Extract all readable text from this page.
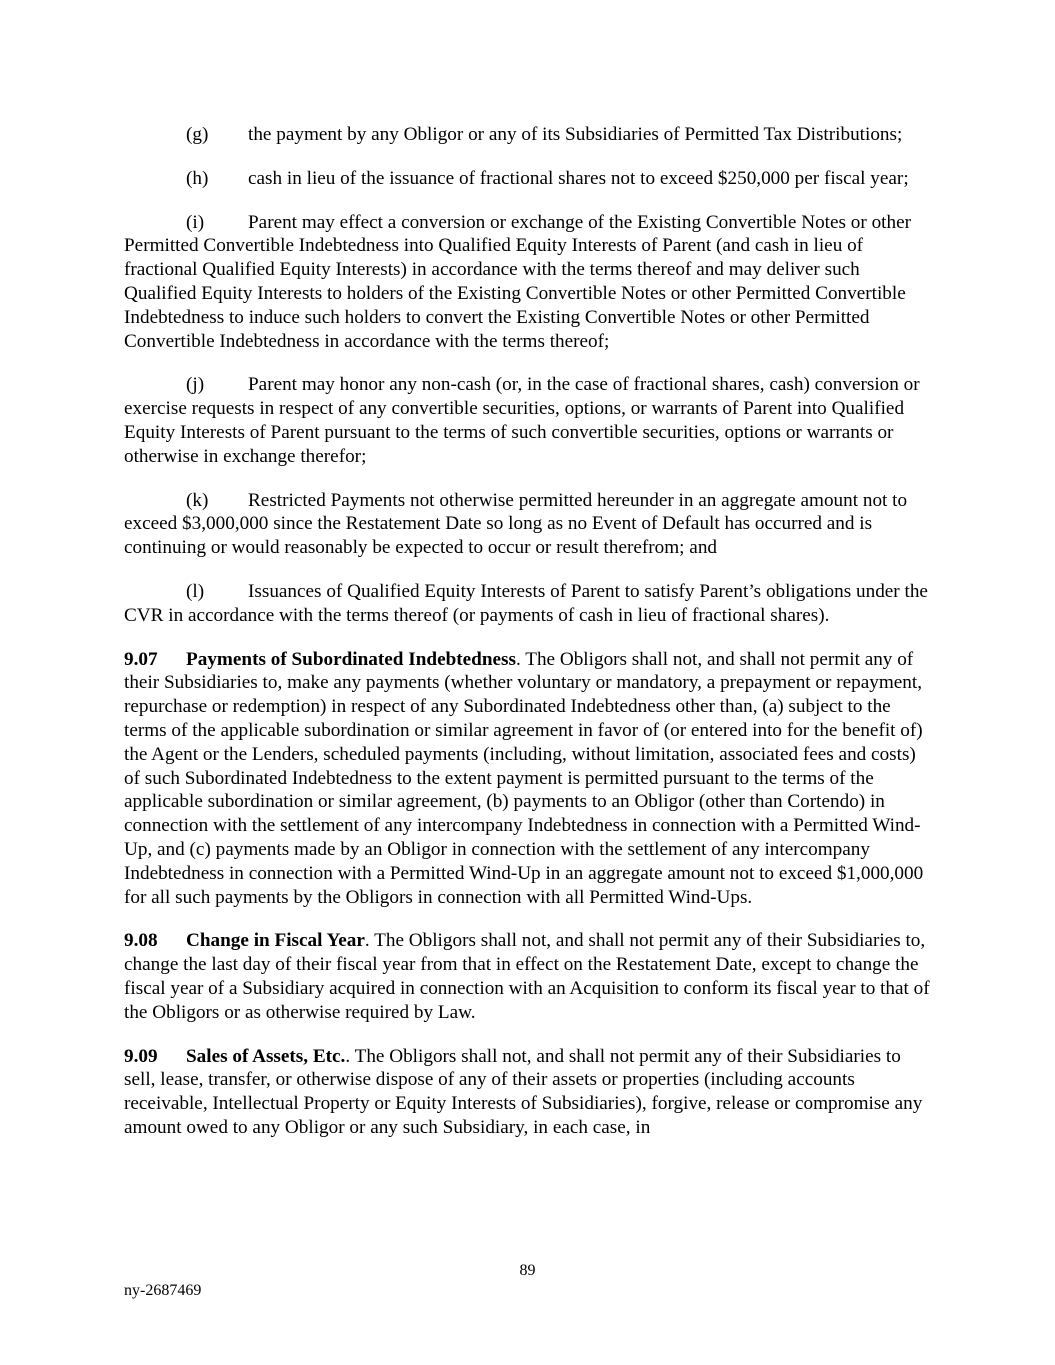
(g) the payment by any Obligor or any of its Subsidiaries of Permitted Tax Distributions;

(h) cash in lieu of the issuance of fractional shares not to exceed $250,000 per fiscal year;

(i) Parent may effect a conversion or exchange of the Existing Convertible Notes or other Permitted Convertible Indebtedness into Qualified Equity Interests of Parent (and cash in lieu of fractional Qualified Equity Interests) in accordance with the terms thereof and may deliver such Qualified Equity Interests to holders of the Existing Convertible Notes or other Permitted Convertible Indebtedness to induce such holders to convert the Existing Convertible Notes or other Permitted Convertible Indebtedness in accordance with the terms thereof;

(j) Parent may honor any non-cash (or, in the case of fractional shares, cash) conversion or exercise requests in respect of any convertible securities, options, or warrants of Parent into Qualified Equity Interests of Parent pursuant to the terms of such convertible securities, options or warrants or otherwise in exchange therefor;

(k) Restricted Payments not otherwise permitted hereunder in an aggregate amount not to exceed $3,000,000 since the Restatement Date so long as no Event of Default has occurred and is continuing or would reasonably be expected to occur or result therefrom; and

(l) Issuances of Qualified Equity Interests of Parent to satisfy Parent’s obligations under the CVR in accordance with the terms thereof (or payments of cash in lieu of fractional shares).

9.07 Payments of Subordinated Indebtedness. The Obligors shall not, and shall not permit any of their Subsidiaries to, make any payments (whether voluntary or mandatory, a prepayment or repayment, repurchase or redemption) in respect of any Subordinated Indebtedness other than, (a) subject to the terms of the applicable subordination or similar agreement in favor of (or entered into for the benefit of) the Agent or the Lenders, scheduled payments (including, without limitation, associated fees and costs) of such Subordinated Indebtedness to the extent payment is permitted pursuant to the terms of the applicable subordination or similar agreement, (b) payments to an Obligor (other than Cortendo) in connection with the settlement of any intercompany Indebtedness in connection with a Permitted Wind-Up, and (c) payments made by an Obligor in connection with the settlement of any intercompany Indebtedness in connection with a Permitted Wind-Up in an aggregate amount not to exceed $1,000,000 for all such payments by the Obligors in connection with all Permitted Wind-Ups.

9.08 Change in Fiscal Year. The Obligors shall not, and shall not permit any of their Subsidiaries to, change the last day of their fiscal year from that in effect on the Restatement Date, except to change the fiscal year of a Subsidiary acquired in connection with an Acquisition to conform its fiscal year to that of the Obligors or as otherwise required by Law.

9.09 Sales of Assets, Etc.. The Obligors shall not, and shall not permit any of their Subsidiaries to sell, lease, transfer, or otherwise dispose of any of their assets or properties (including accounts receivable, Intellectual Property or Equity Interests of Subsidiaries), forgive, release or compromise any amount owed to any Obligor or any such Subsidiary, in each case, in

89
ny-2687469
